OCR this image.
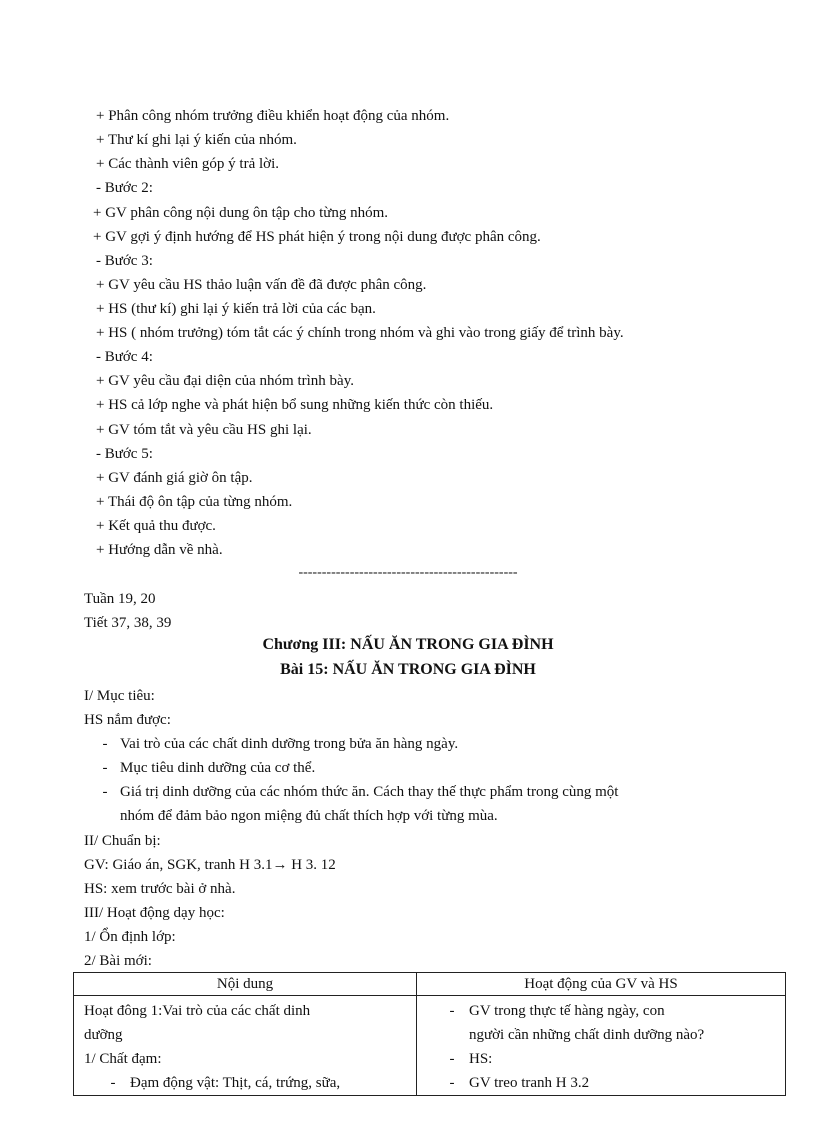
+ Phân công nhóm trưởng điều khiển hoạt động của nhóm.
+ Thư kí ghi lại ý kiến của nhóm.
+ Các thành viên góp ý trả lời.
- Bước 2:
+ GV phân công nội dung ôn tập cho từng nhóm.
+ GV gợi ý định hướng để HS phát hiện ý trong nội dung được phân công.
- Bước 3:
+ GV yêu cầu HS thảo luận vấn đề đã được phân công.
+ HS (thư kí) ghi lại ý kiến trả lời của các bạn.
+ HS ( nhóm trưởng) tóm tắt các ý chính trong nhóm và ghi vào trong giấy để trình bày.
- Bước 4:
+ GV yêu cầu đại diện của nhóm trình bày.
+ HS cả lớp nghe và phát hiện bổ sung những kiến thức còn thiếu.
+ GV tóm tắt và yêu cầu HS ghi lại.
- Bước 5:
+ GV đánh giá giờ ôn tập.
+ Thái độ ôn tập của từng nhóm.
+ Kết quả thu được.
+ Hướng dẫn về nhà.
-----------------------------------------------
Tuần 19, 20
Tiết 37, 38, 39
Chương III: NẤU ĂN TRONG GIA ĐÌNH
Bài 15: NẤU ĂN TRONG GIA ĐÌNH
I/ Mục tiêu:
HS nắm được:
- Vai trò của các chất dinh dưỡng trong bửa ăn hàng ngày.
- Mục tiêu dinh dưỡng của cơ thể.
- Giá trị dinh dưỡng của các nhóm thức ăn. Cách thay thế thực phẩm trong cùng một
nhóm để đảm bảo ngon miệng đủ chất thích hợp với từng mùa.
II/ Chuẩn bị:
GV: Giáo án, SGK, tranh H 3.1→ H 3. 12
HS: xem trước bài ở nhà.
III/ Hoạt động dạy học:
1/ Ổn định lớp:
2/ Bài mới:
Nội dung	Hoạt động của GV và HS

Hoạt đông 1:Vai trò của các chất dinh
dưỡng
1/ Chất đạm:
- Đạm động vật: Thịt, cá, trứng, sữa,	- GV trong thực tế hàng ngày, con
người cần những chất dinh dưỡng nào?
- HS:
- GV treo tranh H 3.2
